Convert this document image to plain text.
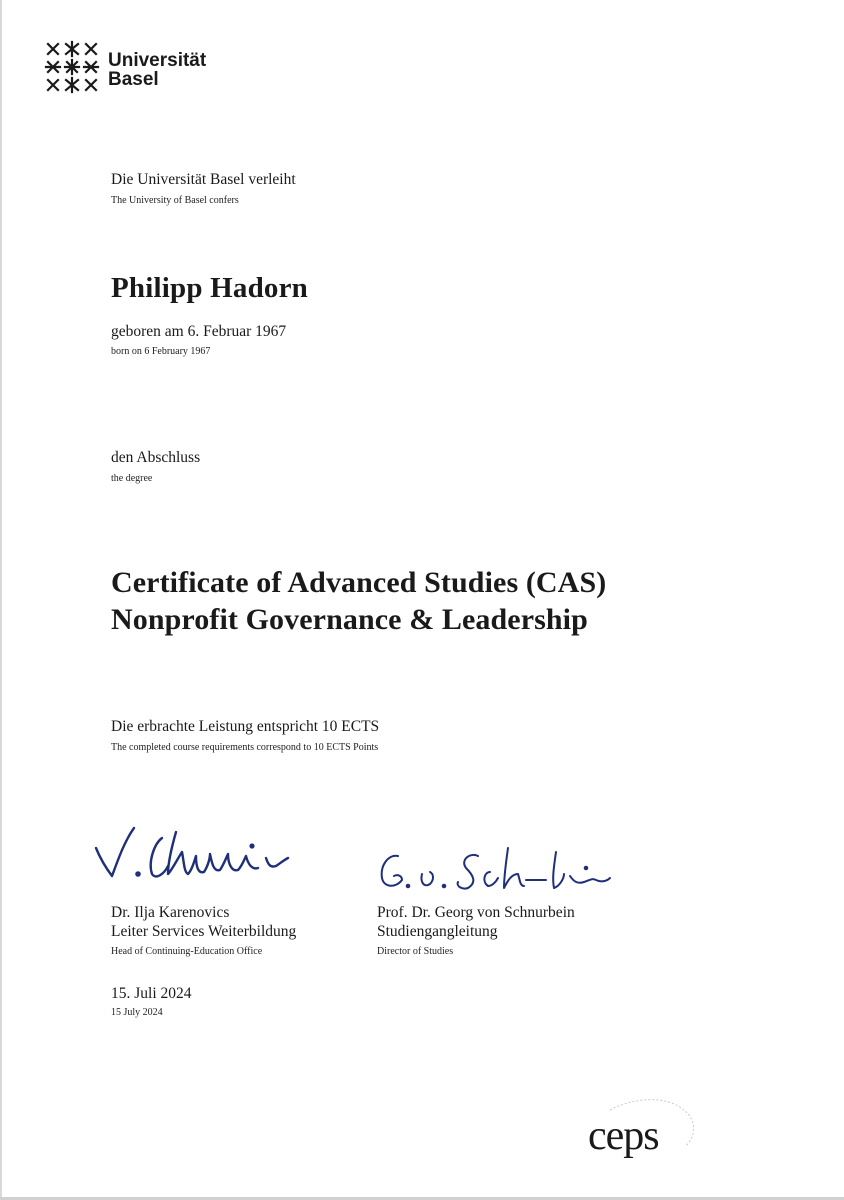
Universität
Basel
Die Universität Basel verleiht
The University of Basel confers
Philipp Hadorn
geboren am 6. Februar 1967
born on 6 February 1967
den Abschluss
the degree
Certificate of Advanced Studies (CAS)
Nonprofit Governance & Leadership
Die erbrachte Leistung entspricht 10 ECTS
The completed course requirements correspond to 10 ECTS Points
Dr. Ilja Karenovics
Leiter Services Weiterbildung
Head of Continuing-Education Office
Prof. Dr. Georg von Schnurbein
Studiengangleitung
Director of Studies
15. Juli 2024
15 July 2024
ceps
